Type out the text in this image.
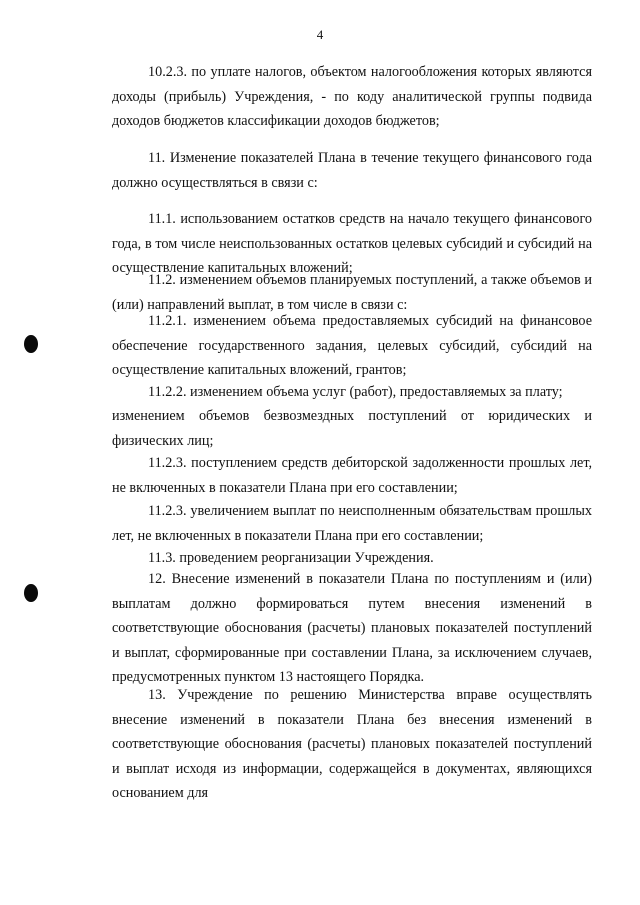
4

10.2.3. по уплате налогов, объектом налогообложения которых являются доходы (прибыль) Учреждения, - по коду аналитической группы подвида доходов бюджетов классификации доходов бюджетов;

11. Изменение показателей Плана в течение текущего финансового года должно осуществляться в связи с:

11.1. использованием остатков средств на начало текущего финансового года, в том числе неиспользованных остатков целевых субсидий и субсидий на осуществление капитальных вложений;

11.2. изменением объемов планируемых поступлений, а также объемов и (или) направлений выплат, в том числе в связи с:

11.2.1. изменением объема предоставляемых субсидий на финансовое обеспечение государственного задания, целевых субсидий, субсидий на осуществление капитальных вложений, грантов;

11.2.2. изменением объема услуг (работ), предоставляемых за плату;

изменением объемов безвозмездных поступлений от юридических и физических лиц;

11.2.3. поступлением средств дебиторской задолженности прошлых лет, не включенных в показатели Плана при его составлении;

11.2.3. увеличением выплат по неисполненным обязательствам прошлых лет, не включенных в показатели Плана при его составлении;

11.3. проведением реорганизации Учреждения.

12. Внесение изменений в показатели Плана по поступлениям и (или) выплатам должно формироваться путем внесения изменений в соответствующие обоснования (расчеты) плановых показателей поступлений и выплат, сформированные при составлении Плана, за исключением случаев, предусмотренных пунктом 13 настоящего Порядка.

13. Учреждение по решению Министерства вправе осуществлять внесение изменений в показатели Плана без внесения изменений в соответствующие обоснования (расчеты) плановых показателей поступлений и выплат исходя из информации, содержащейся в документах, являющихся основанием для
